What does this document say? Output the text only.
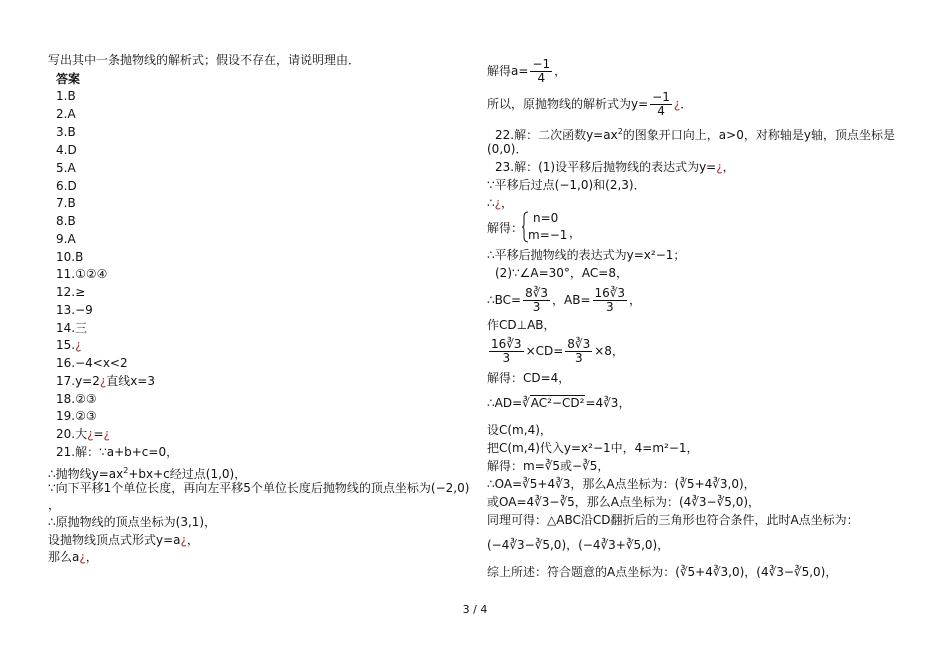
写出其中一条抛物线的解析式；假设不存在，请说明理由．
答案
1.B
2.A
3.B
4.D
5.A
6.D
7.B
8.B
9.A
10.B
11.①②④
12.≥
13.−9
14.三
15.¿
16.−4<x<2
17.y=2¿直线x=3
18.②③
19.②③
20.大¿=¿
21.解：∵a+b+c=0，
∴抛物线$y=ax^2+bx+c$经过点(1,0)，
∵向下平移1个单位长度，再向左平移5个单位长度后抛物线的顶点坐标为(−2,0)
，
∴原抛物线的顶点坐标为(3,1)，
设抛物线顶点式形式y=a¿，
那么a¿，
解得$a= \frac{-1}{4}$ ，
所以，原抛物线的解析式为$y= \frac{-1}{4}$ ¿．
22.解：二次函数$y=ax^2$的图象开口向上，a>0，对称轴是y轴，顶点坐标是
(0,0)．
23.解：(1)设平移后抛物线的表达式为y=¿，
∵平移后过点(−1,0)和(2,3)．
∴¿，
解得：
n=0
m=−1 ，
∴平移后抛物线的表达式为y=x²−1；
(2)∵∠A=30°，AC=8，
∴BC= $\frac{8∛3}{3}$ ，$AB= \frac{16∛3}{3}$ ，
作CD⊥AB，
$\frac{16∛3}{3} \times CD= \frac{8∛3}{3} \times 8$，
解得：CD=4，
∴AD=∛AC²−CD²=4∛3，
设C(m,4)，
把C(m,4)代入y=x²−1中，4=m²−1，
解得：m=∛5或−∛5，
∴OA=∛5+4∛3，那么A点坐标为：(∛5+4∛3,0)，
或OA=4∛3−∛5，那么A点坐标为：(4∛3−∛5,0)，
同理可得：△ABC沿CD翻折后的三角形也符合条件，此时A点坐标为：
(−4∛3−∛5,0)，(−4∛3+∛5,0)，
综上所述：符合题意的A点坐标为：(∛5+4∛3,0)，(4∛3−∛5,0)，
3 / 4
